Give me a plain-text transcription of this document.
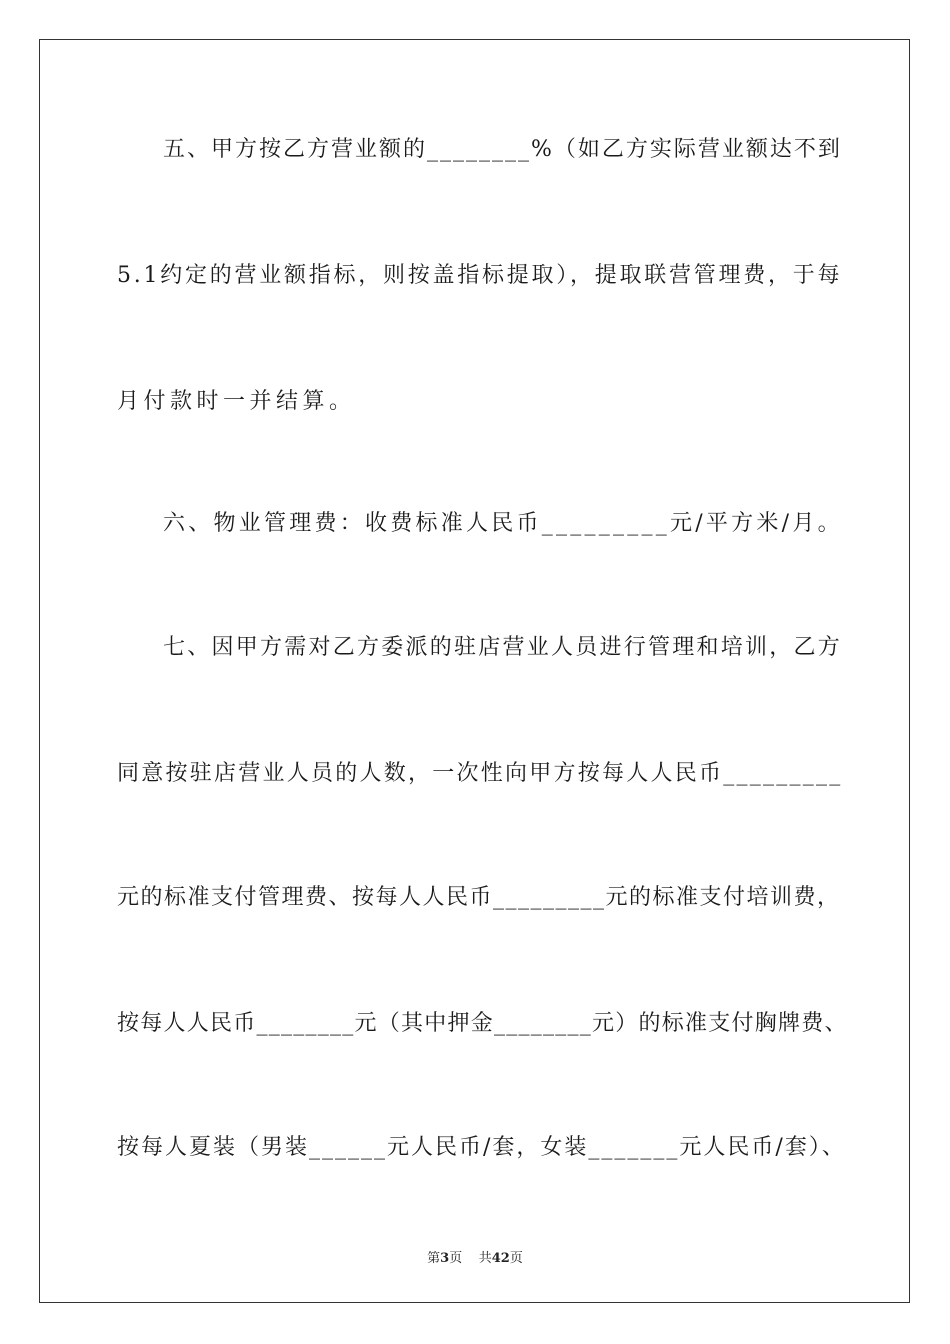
五、甲方按乙方营业额的________%（如乙方实际营业额达不到
5.1约定的营业额指标，则按盖指标提取），提取联营管理费，于每
月付款时一并结算。
六、物业管理费：收费标准人民币_________元/平方米/月。
七、因甲方需对乙方委派的驻店营业人员进行管理和培训，乙方
同意按驻店营业人员的人数，一次性向甲方按每人人民币_________
元的标准支付管理费、按每人人民币_________元的标准支付培训费，
按每人人民币________元（其中押金________元）的标准支付胸牌费、
按每人夏装（男装______元人民币/套，女装_______元人民币/套）、
第3页 共42页
